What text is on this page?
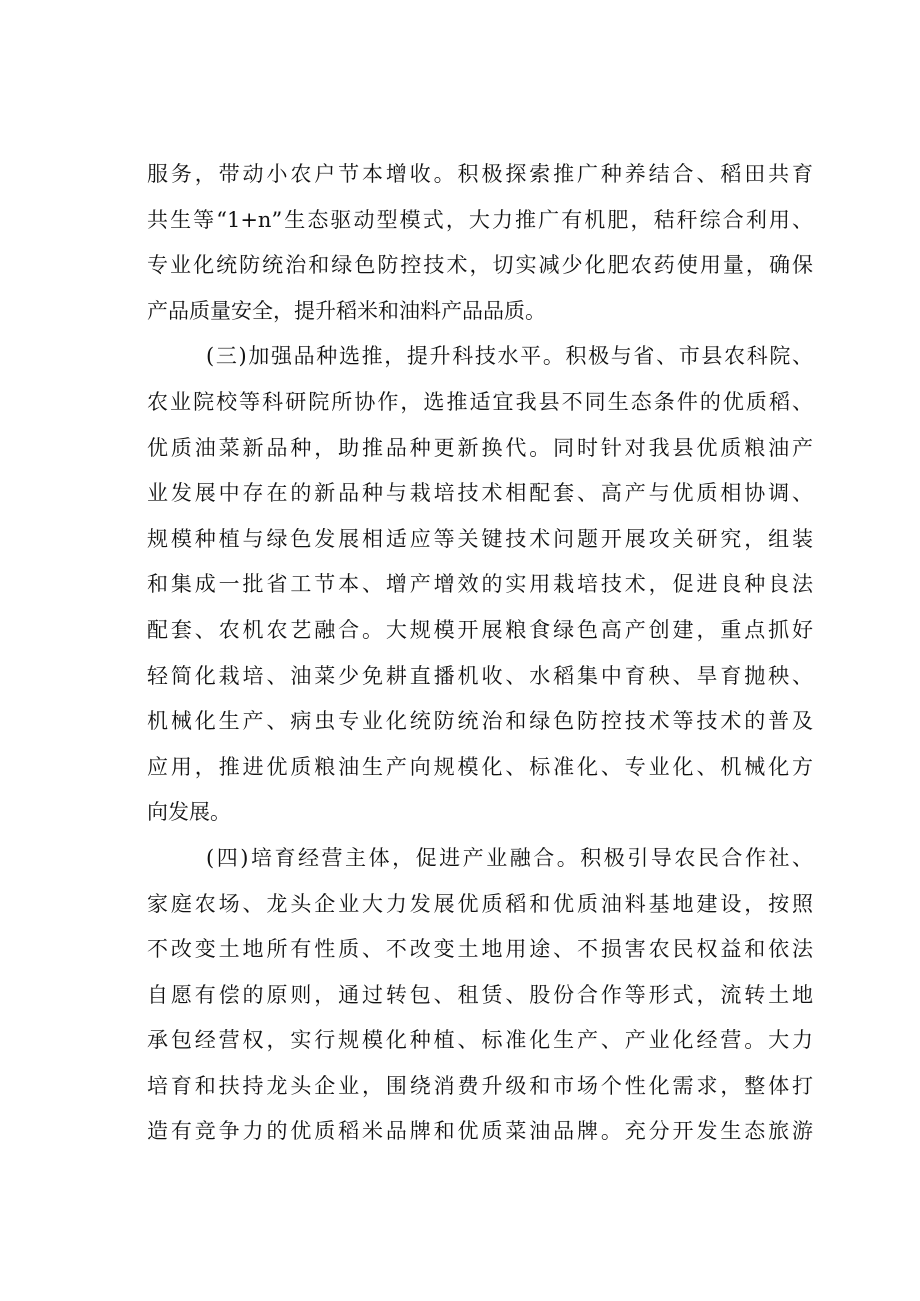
服务，带动小农户节本增收。积极探索推广种养结合、稻田共育
共生等“1+n”生态驱动型模式，大力推广有机肥，秸秆综合利用、
专业化统防统治和绿色防控技术，切实减少化肥农药使用量，确保
产品质量安全，提升稻米和油料产品品质。
(三)加强品种选推，提升科技水平。积极与省、市县农科院、
农业院校等科研院所协作，选推适宜我县不同生态条件的优质稻、
优质油菜新品种，助推品种更新换代。同时针对我县优质粮油产
业发展中存在的新品种与栽培技术相配套、高产与优质相协调、
规模种植与绿色发展相适应等关键技术问题开展攻关研究，组装
和集成一批省工节本、增产增效的实用栽培技术，促进良种良法
配套、农机农艺融合。大规模开展粮食绿色高产创建，重点抓好
轻简化栽培、油菜少免耕直播机收、水稻集中育秧、旱育抛秧、
机械化生产、病虫专业化统防统治和绿色防控技术等技术的普及
应用，推进优质粮油生产向规模化、标准化、专业化、机械化方
向发展。
(四)培育经营主体，促进产业融合。积极引导农民合作社、
家庭农场、龙头企业大力发展优质稻和优质油料基地建设，按照
不改变土地所有性质、不改变土地用途、不损害农民权益和依法
自愿有偿的原则，通过转包、租赁、股份合作等形式，流转土地
承包经营权，实行规模化种植、标准化生产、产业化经营。大力
培育和扶持龙头企业，围绕消费升级和市场个性化需求，整体打
造有竞争力的优质稻米品牌和优质菜油品牌。充分开发生态旅游
